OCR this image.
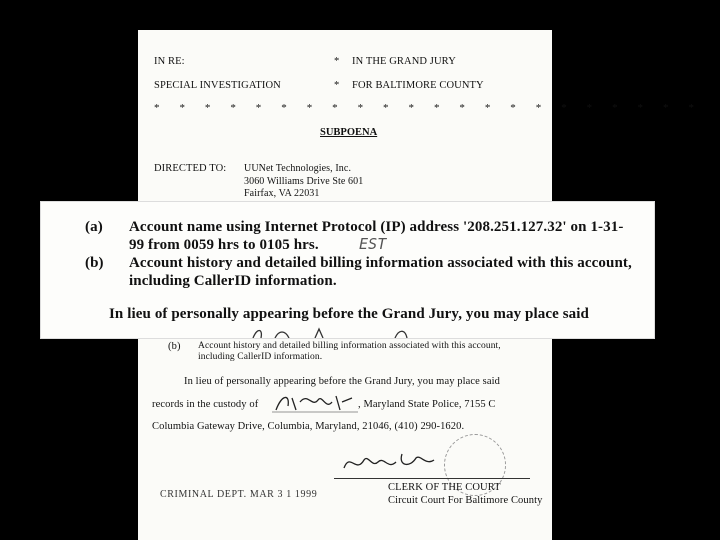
IN RE:	* IN THE GRAND JURY
SPECIAL INVESTIGATION	* FOR BALTIMORE COUNTY
* * * * * * * * * * * * * * * * * * * * * *
SUBPOENA
DIRECTED TO: UUNet Technologies, Inc.
3060 Williams Drive Ste 601
Fairfax, VA 22031
(b) Account history and detailed billing information associated with this account,
including CallerID information.
In lieu of personally appearing before the Grand Jury, you may place said
records in the custody of	, Maryland State Police, 7155 C
Columbia Gateway Drive, Columbia, Maryland, 21046, (410) 290-1620.
CRIMINAL DEPT. MAR 3 1 1999
CLERK OF THE COURT
Circuit Court For Baltimore County
(a) Account name using Internet Protocol (IP) address '208.251.127.32' on 1-31-
99 from 0059 hrs to 0105 hrs.	EST
(b) Account history and detailed billing information associated with this account,
including CallerID information.
In lieu of personally appearing before the Grand Jury, you may place said
